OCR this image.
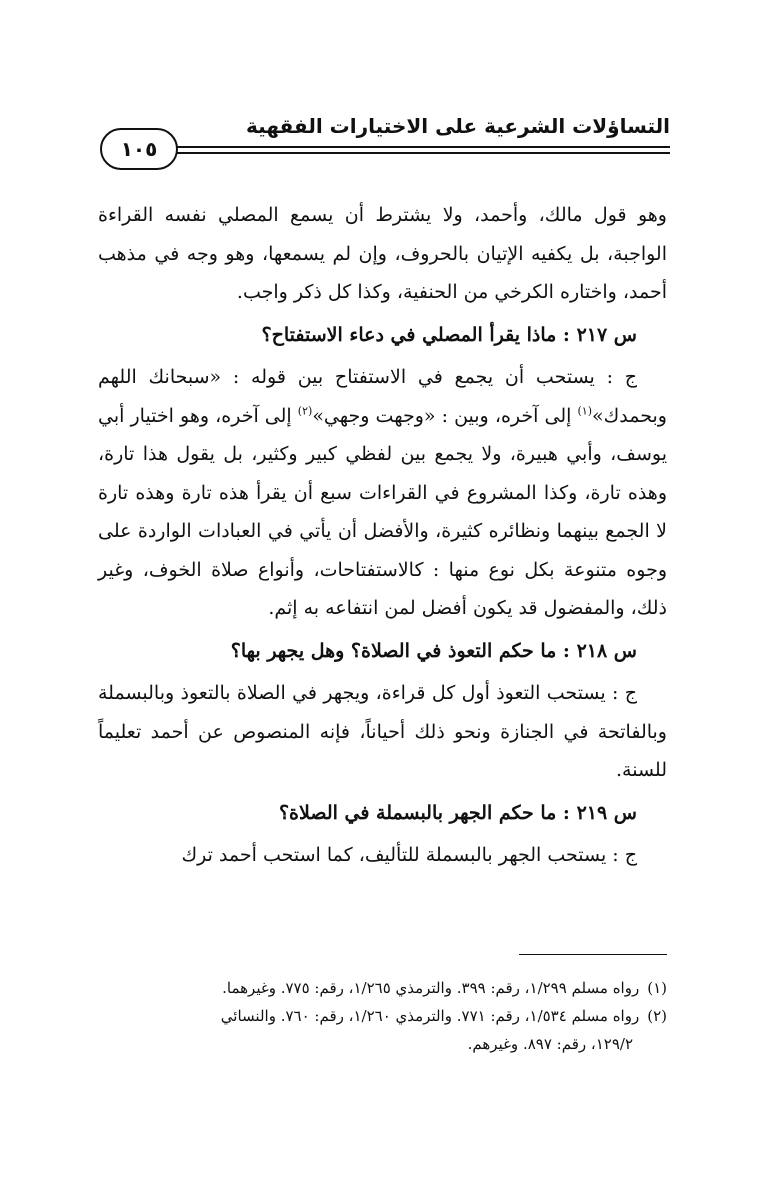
التساؤلات الشرعية على الاختيارات الفقهية
١٠٥

وهو قول مالك، وأحمد، ولا يشترط أن يسمع المصلي نفسه القراءة الواجبة، بل يكفيه الإتيان بالحروف، وإن لم يسمعها، وهو وجه في مذهب أحمد، واختاره الكرخي من الحنفية، وكذا كل ذكر واجب.

س ٢١٧ : ماذا يقرأ المصلي في دعاء الاستفتاح؟

ج : يستحب أن يجمع في الاستفتاح بين قوله : «سبحانك اللهم وبحمدك»$^{(١)}$ إلى آخره، وبين : «وجهت وجهي»$^{(٢)}$ إلى آخره، وهو اختيار أبي يوسف، وأبي هبيرة، ولا يجمع بين لفظي كبير وكثير، بل يقول هذا تارة، وهذه تارة، وكذا المشروع في القراءات سبع أن يقرأ هذه تارة وهذه تارة لا الجمع بينهما ونظائره كثيرة، والأفضل أن يأتي في العبادات الواردة على وجوه متنوعة بكل نوع منها : كالاستفتاحات، وأنواع صلاة الخوف، وغير ذلك، والمفضول قد يكون أفضل لمن انتفاعه به إثم.

س ٢١٨ : ما حكم التعوذ في الصلاة؟ وهل يجهر بها؟

ج : يستحب التعوذ أول كل قراءة، ويجهر في الصلاة بالتعوذ وبالبسملة وبالفاتحة في الجنازة ونحو ذلك أحياناً، فإنه المنصوص عن أحمد تعليماً للسنة.

س ٢١٩ : ما حكم الجهر بالبسملة في الصلاة؟

ج : يستحب الجهر بالبسملة للتأليف، كما استحب أحمد ترك

(١)رواه مسلم ١/٢٩٩، رقم: ٣٩٩. والترمذي ١/٢٦٥، رقم: ٧٧٥. وغيرهما.

(٢)رواه مسلم ١/٥٣٤، رقم: ٧٧١. والترمذي ١/٢٦٠، رقم: ٧٦٠. والنسائي
١٢٩/٢، رقم: ٨٩٧. وغيرهم.
